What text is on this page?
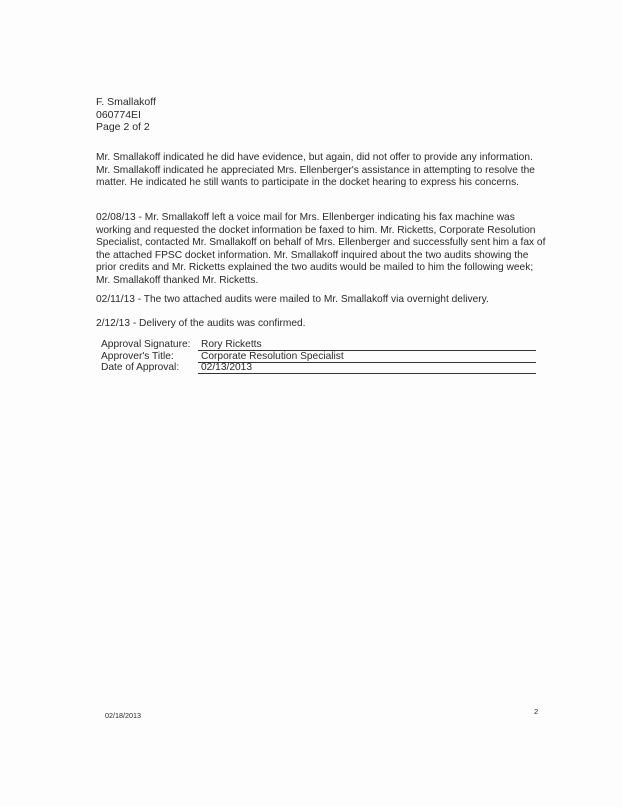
F. Smallakoff
060774EI
Page 2 of 2

Mr. Smallakoff indicated he did have evidence, but again, did not offer to provide any information. Mr. Smallakoff indicated he appreciated Mrs. Ellenberger's assistance in attempting to resolve the matter. He indicated he still wants to participate in the docket hearing to express his concerns.

02/08/13 - Mr. Smallakoff left a voice mail for Mrs. Ellenberger indicating his fax machine was working and requested the docket information be faxed to him. Mr. Ricketts, Corporate Resolution Specialist, contacted Mr. Smallakoff on behalf of Mrs. Ellenberger and successfully sent him a fax of the attached FPSC docket information. Mr. Smallakoff inquired about the two audits showing the prior credits and Mr. Ricketts explained the two audits would be mailed to him the following week; Mr. Smallakoff thanked Mr. Ricketts.

02/11/13 - The two attached audits were mailed to Mr. Smallakoff via overnight delivery.

2/12/13 - Delivery of the audits was confirmed.

Approval Signature: Rory Ricketts
Approver's Title:	Corporate Resolution Specialist
Date of Approval: 02/13/2013
02/18/2013	2
